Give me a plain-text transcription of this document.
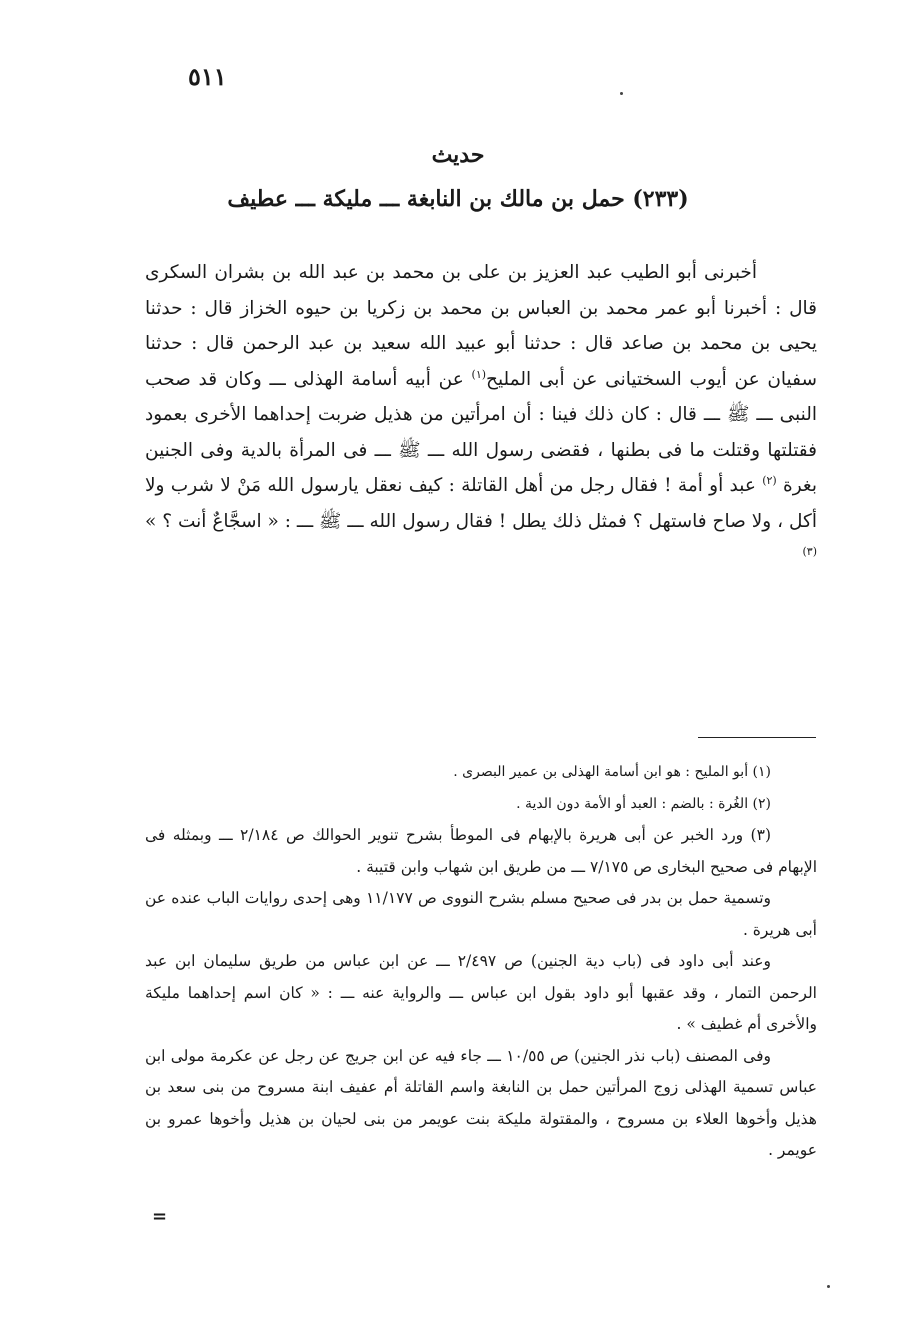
٥١١
حديث
(٢٣٣) حمل بن مالك بن النابغة ـــ مليكة ـــ عطيف

أخبرنى أبو الطيب عبد العزيز بن على بن محمد بن عبد الله بن بشران السكرى قال : أخبرنا أبو عمر محمد بن العباس بن محمد بن زكريا بن حيوه الخزاز قال : حدثنا يحيى بن محمد بن صاعد قال : حدثنا أبو عبيد الله سعيد بن عبد الرحمن قال : حدثنا سفيان عن أيوب السختيانى عن أبى المليح$^{(١)}$ عن أبيه أسامة الهذلى ـــ وكان قد صحب النبى ـــ ﷺ ـــ قال : كان ذلك فينا : أن امرأتين من هذيل ضربت إحداهما الأخرى بعمود فقتلتها وقتلت ما فى بطنها ، فقضى رسول الله ـــ ﷺ ـــ فى المرأة بالدية وفى الجنين بغرة $^{(٢)}$ عبد أو أمة ! فقال رجل من أهل القاتلة : كيف نعقل يارسول الله مَنْ لا شرب ولا أكل ، ولا صاح فاستهل ؟ فمثل ذلك يطل ! فقال رسول الله ـــ ﷺ ـــ : « اسجَّاعٌ أنت ؟ » $^{(٣)}$

(١) أبو المليح : هو ابن أسامة الهذلى بن عمير البصرى .

(٢) الغُرة : بالضم : العبد أو الأمة دون الدية .

(٣) ورد الخبر عن أبى هريرة بالإبهام فى الموطأ بشرح تنوير الحوالك ص ٢/١٨٤ ـــ وبمثله فى الإبهام فى صحيح البخارى ص ٧/١٧٥ ـــ من طريق ابن شهاب وابن قتيبة .

وتسمية حمل بن بدر فى صحيح مسلم بشرح النووى ص ١١/١٧٧ وهى إحدى روايات الباب عنده عن أبى هريرة .

وعند أبى داود فى (باب دية الجنين) ص ٢/٤٩٧ ـــ عن ابن عباس من طريق سليمان ابن عبد الرحمن التمار ، وقد عقبها أبو داود بقول ابن عباس ـــ والرواية عنه ـــ : « كان اسم إحداهما مليكة والأخرى أم غطيف » .

وفى المصنف (باب نذر الجنين) ص ١٠/٥٥ ـــ جاء فيه عن ابن جريج عن رجل عن عكرمة مولى ابن عباس تسمية الهذلى زوج المرأتين حمل بن النابغة واسم القاتلة أم عفيف ابنة مسروح من بنى سعد بن هذيل وأخوها العلاء بن مسروح ، والمقتولة مليكة بنت عويمر من بنى لحيان بن هذيل وأخوها عمرو بن عويمر .

=
